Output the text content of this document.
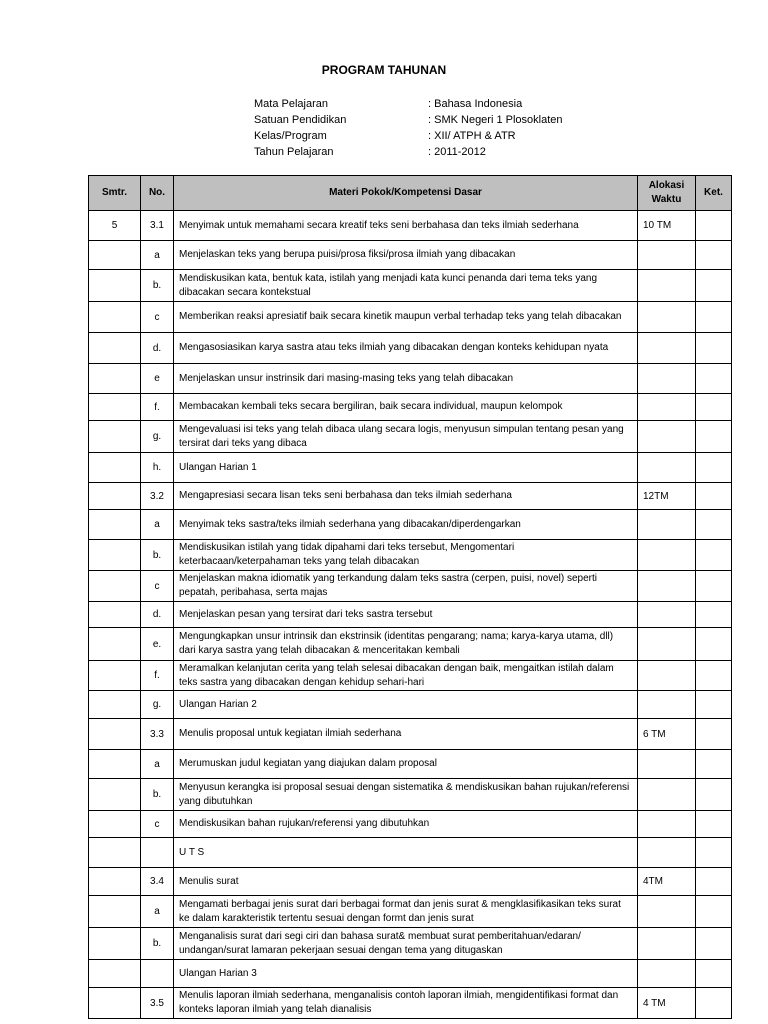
PROGRAM TAHUNAN
Mata Pelajaran	: Bahasa Indonesia
Satuan Pendidikan	: SMK Negeri 1 Plosoklaten
Kelas/Program	: XII/ ATPH & ATR
Tahun Pelajaran	: 2011-2012
Smtr.	No.	Materi Pokok/Kompetensi Dasar	Alokasi Waktu	Ket.
5	3.1	Menyimak untuk memahami secara kreatif teks seni berbahasa dan teks ilmiah sederhana	10 TM	
	a	Menjelaskan teks yang berupa puisi/prosa fiksi/prosa ilmiah yang dibacakan		
	b.	Mendiskusikan kata, bentuk kata, istilah yang menjadi kata kunci penanda dari tema teks yang dibacakan secara kontekstual		
	c	Memberikan reaksi apresiatif baik secara kinetik maupun verbal terhadap teks yang telah dibacakan		
	d.	Mengasosiasikan karya sastra atau teks ilmiah yang dibacakan dengan konteks kehidupan nyata		
	e	Menjelaskan unsur instrinsik dari masing-masing teks yang telah dibacakan		
	f.	Membacakan kembali teks secara bergiliran, baik secara individual, maupun kelompok		
	g.	Mengevaluasi isi teks yang telah dibaca ulang secara logis, menyusun simpulan tentang pesan yang tersirat dari teks yang dibaca		
	h.	Ulangan Harian 1		
	3.2	Mengapresiasi secara lisan teks seni berbahasa dan teks ilmiah sederhana	12TM	
	a	Menyimak teks sastra/teks ilmiah sederhana yang dibacakan/diperdengarkan		
	b.	Mendiskusikan istilah yang tidak dipahami dari teks tersebut, Mengomentari keterbacaan/keterpahaman teks yang telah dibacakan		
	c	Menjelaskan makna idiomatik yang terkandung dalam teks sastra (cerpen, puisi, novel) seperti pepatah, peribahasa, serta majas		
	d.	Menjelaskan pesan yang tersirat dari teks sastra tersebut		
	e.	Mengungkapkan unsur intrinsik dan ekstrinsik (identitas pengarang; nama; karya-karya utama, dll) dari karya sastra yang telah dibacakan & menceritakan kembali		
	f.	Meramalkan kelanjutan cerita yang telah selesai dibacakan dengan baik, mengaitkan istilah dalam teks sastra yang dibacakan dengan kehidup sehari-hari		
	g.	Ulangan Harian 2		
	3.3	Menulis proposal untuk kegiatan ilmiah sederhana	6 TM	
	a	Merumuskan judul kegiatan yang diajukan dalam proposal		
	b.	Menyusun kerangka isi proposal sesuai dengan sistematika & mendiskusikan bahan rujukan/referensi yang dibutuhkan		
	c	Mendiskusikan bahan rujukan/referensi yang dibutuhkan		
		U T S		
	3.4	Menulis surat	4TM	
	a	Mengamati berbagai jenis surat dari berbagai format dan jenis surat & mengklasifikasikan teks surat ke dalam karakteristik tertentu sesuai dengan formt dan jenis surat		
	b.	Menganalisis surat dari segi ciri dan bahasa surat& membuat surat pemberitahuan/edaran/ undangan/surat lamaran pekerjaan sesuai dengan tema yang ditugaskan		
		Ulangan Harian 3		
	3.5	Menulis laporan ilmiah sederhana, menganalisis contoh laporan ilmiah, mengidentifikasi format dan konteks laporan ilmiah yang telah dianalisis	4 TM	
